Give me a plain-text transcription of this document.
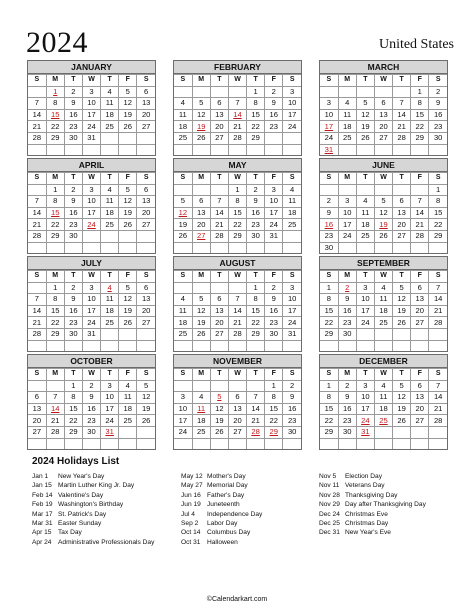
2024	United States
JANUARY
S	M	T	W	T	F	S
	1	2	3	4	5	6
7	8	9	10	11	12	13
14	15	16	17	18	19	20
21	22	23	24	25	26	27
28	29	30	31			

FEBRUARY
S	M	T	W	T	F	S
				1	2	3
4	5	6	7	8	9	10
11	12	13	14	15	16	17
18	19	20	21	22	23	24
25	26	27	28	29		

MARCH
S	M	T	W	T	F	S
					1	2
3	4	5	6	7	8	9
10	11	12	13	14	15	16
17	18	19	20	21	22	23
24	25	26	27	28	29	30
31						
APRIL
S	M	T	W	T	F	S
	1	2	3	4	5	6
7	8	9	10	11	12	13
14	15	16	17	18	19	20
21	22	23	24	25	26	27
28	29	30				

MAY
S	M	T	W	T	F	S
			1	2	3	4
5	6	7	8	9	10	11
12	13	14	15	16	17	18
19	20	21	22	23	24	25
26	27	28	29	30	31	

JUNE
S	M	T	W	T	F	S
						1
2	3	4	5	6	7	8
9	10	11	12	13	14	15
16	17	18	19	20	21	22
23	24	25	26	27	28	29
30						
JULY
S	M	T	W	T	F	S
	1	2	3	4	5	6
7	8	9	10	11	12	13
14	15	16	17	18	19	20
21	22	23	24	25	26	27
28	29	30	31			

AUGUST
S	M	T	W	T	F	S
				1	2	3
4	5	6	7	8	9	10
11	12	13	14	15	16	17
18	19	20	21	22	23	24
25	26	27	28	29	30	31

SEPTEMBER
S	M	T	W	T	F	S
1	2	3	4	5	6	7
8	9	10	11	12	13	14
15	16	17	18	19	20	21
22	23	24	25	26	27	28
29	30					

OCTOBER
S	M	T	W	T	F	S
		1	2	3	4	5
6	7	8	9	10	11	12
13	14	15	16	17	18	19
20	21	22	23	24	25	26
27	28	29	30	31		

NOVEMBER
S	M	T	W	T	F	S
					1	2
3	4	5	6	7	8	9
10	11	12	13	14	15	16
17	18	19	20	21	22	23
24	25	26	27	28	29	30

DECEMBER
S	M	T	W	T	F	S
1	2	3	4	5	6	7
8	9	10	11	12	13	14
15	16	17	18	19	20	21
22	23	24	25	26	27	28
29	30	31				

2024 Holidays List
Jan 1 New Year's Day
Jan 15 Martin Luther King Jr. Day
Feb 14 Valentine's Day
Feb 19 Washington's Birthday
Mar 17 St. Patrick's Day
Mar 31 Easter Sunday
Apr 15 Tax Day
Apr 24 Administrative Professionals Day
May 12 Mother's Day
May 27 Memorial Day
Jun 16 Father's Day
Jun 19 Juneteenth
Jul 4 Independence Day
Sep 2 Labor Day
Oct 14 Columbus Day
Oct 31 Halloween
Nov 5 Election Day
Nov 11 Veterans Day
Nov 28 Thanksgiving Day
Nov 29 Day after Thanksgiving Day
Dec 24 Christmas Eve
Dec 25 Christmas Day
Dec 31 New Year's Eve
©Calendarkart.com
